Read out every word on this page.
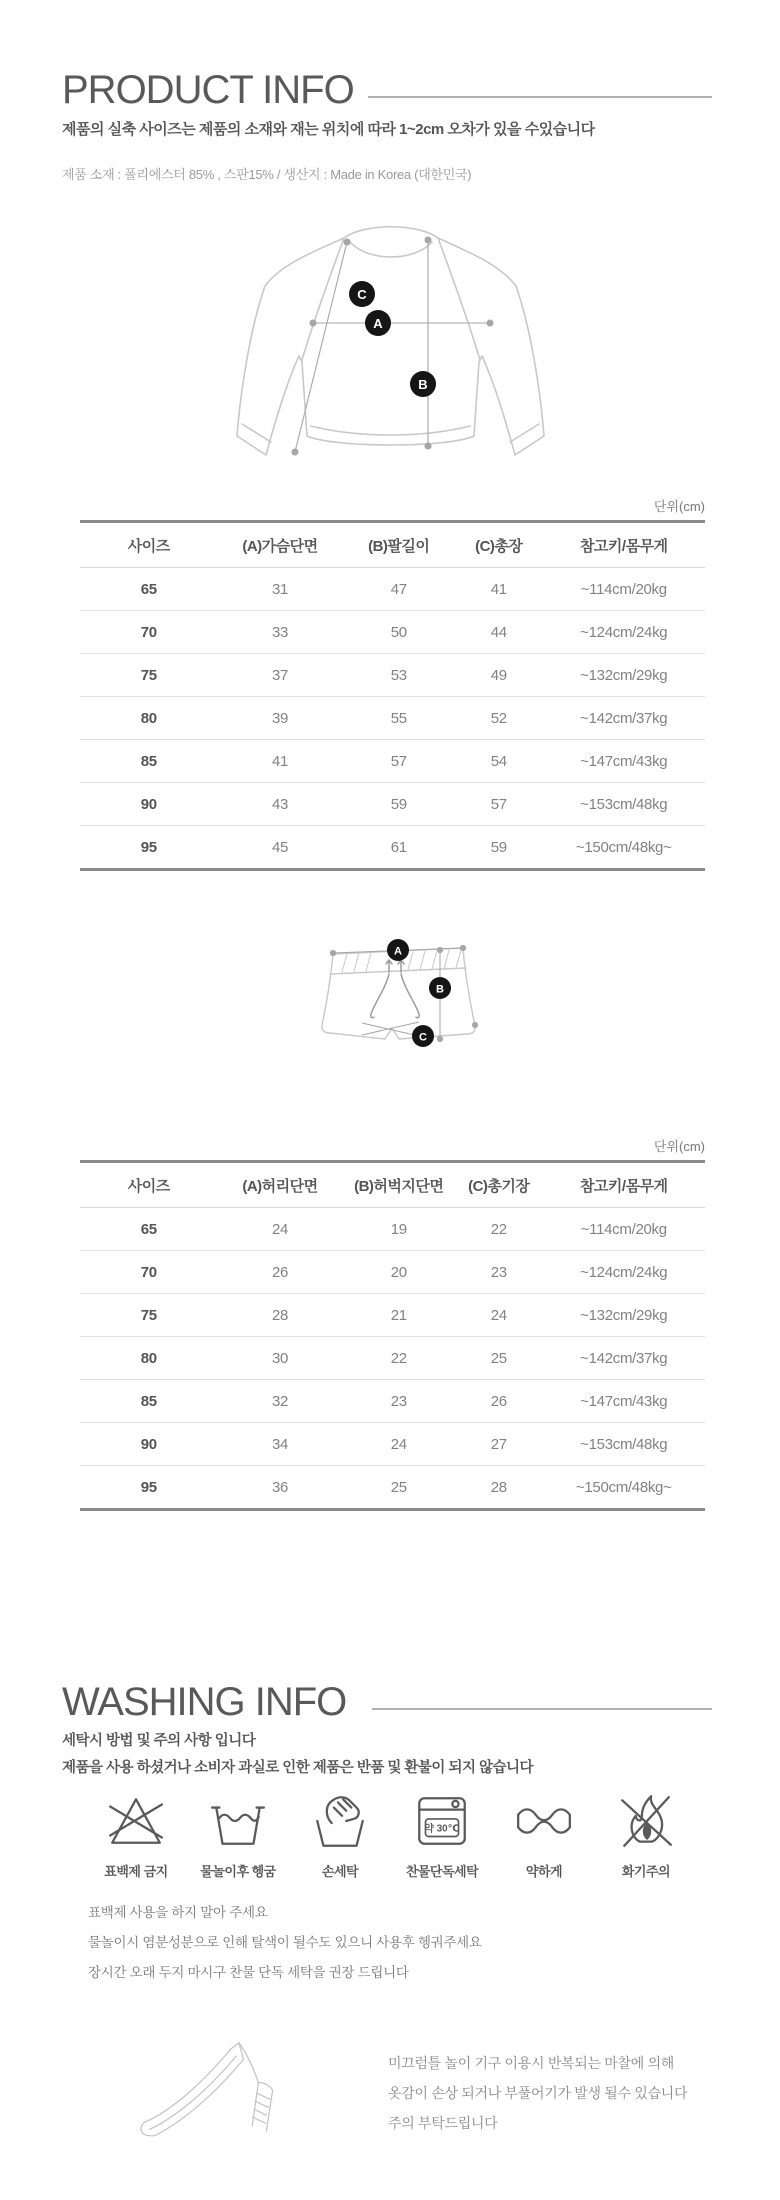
PRODUCT INFO
제품의 실축 사이즈는 제품의 소재와 재는 위치에 따라 1~2cm 오차가 있을 수있습니다
제품 소재 : 폴리에스터 85% , 스판15% / 생산지 : Made in Korea (대한민국)
C
A
B
단위(cm)
사이즈	(A)가슴단면	(B)팔길이	(C)총장	참고키/몸무게
65	31	47	41	~114cm/20kg
70	33	50	44	~124cm/24kg
75	37	53	49	~132cm/29kg
80	39	55	52	~142cm/37kg
85	41	57	54	~147cm/43kg
90	43	59	57	~153cm/48kg
95	45	61	59	~150cm/48kg~
A
B
C
단위(cm)
사이즈	(A)허리단면	(B)허벅지단면	(C)총기장	참고키/몸무게
65	24	19	22	~114cm/20kg
70	26	20	23	~124cm/24kg
75	28	21	24	~132cm/29kg
80	30	22	25	~142cm/37kg
85	32	23	26	~147cm/43kg
90	34	24	27	~153cm/48kg
95	36	25	28	~150cm/48kg~
WASHING INFO
세탁시 방법 및 주의 사항 입니다
제품을 사용 하셨거나 소비자 과실로 인한 제품은 반품 및 환불이 되지 않습니다
표백제 금지	물놀이후 헹굼	손세탁
약 30℃
찬물단독세탁	약하게	화기주의
표백제 사용을 하지 말아 주세요
물놀이시 염분성분으로 인해 탈색이 될수도 있으니 사용후 헹궈주세요
장시간 오래 두지 마시구 찬물 단독 세탁을 권장 드립니다
미끄럼틀 놀이 기구 이용시 반복되는 마찰에 의해
옷감이 손상 되거나 부풀어기가 발생 될수 있습니다
주의 부탁드립니다
